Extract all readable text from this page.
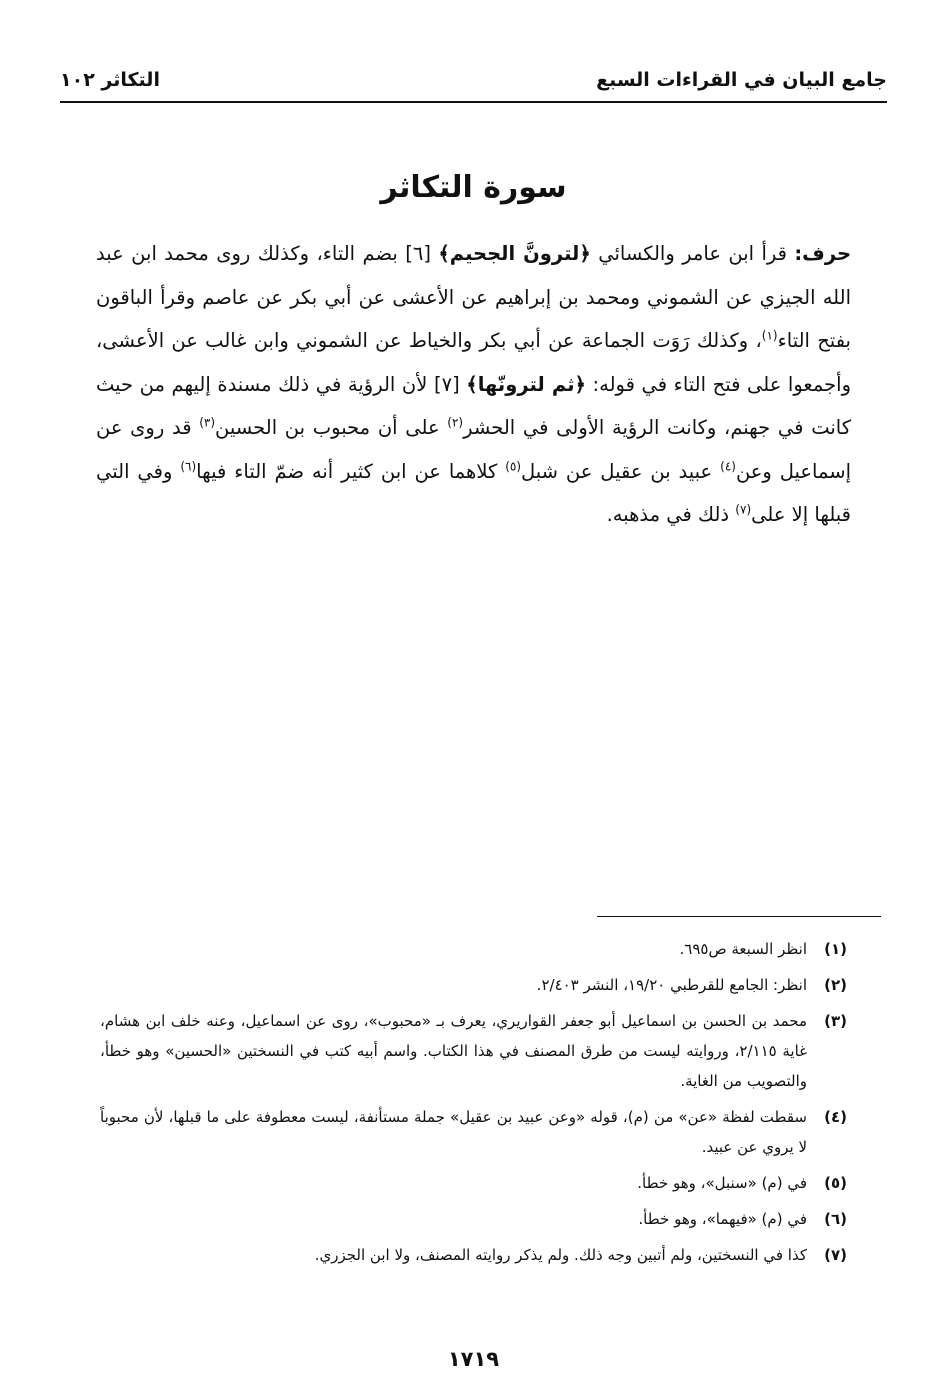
جامع البيان في القراءات السبع
التكاثر ١٠٢
سورة التكاثر
حرف: قرأ ابن عامر والكسائي ﴿لترونَّ الجحيم﴾ [٦] بضم التاء، وكذلك روى محمد ابن عبد الله الجيزي عن الشموني ومحمد بن إبراهيم عن الأعشى عن أبي بكر عن عاصم وقرأ الباقون بفتح التاء$^{(١)}$، وكذلك رَوَت الجماعة عن أبي بكر والخياط عن الشموني وابن غالب عن الأعشى، وأجمعوا على فتح التاء في قوله: ﴿ثم لترونّها﴾ [٧] لأن الرؤية في ذلك مسندة إليهم من حيث كانت في جهنم، وكانت الرؤية الأولى في الحشر$^{(٢)}$ على أن محبوب بن الحسين$^{(٣)}$ قد روى عن إسماعيل وعن$^{(٤)}$ عبيد بن عقيل عن شبل$^{(٥)}$ كلاهما عن ابن كثير أنه ضمّ التاء فيها$^{(٦)}$ وفي التي قبلها إلا على$^{(٧)}$ ذلك في مذهبه.
(١)
انظر السبعة ص٦٩٥.
(٢)
انظر: الجامع للقرطبي ١٩/٢٠، النشر ٢/٤٠٣.
(٣)
محمد بن الحسن بن اسماعيل أبو جعفر القواريري، يعرف بـ «محبوب»، روى عن اسماعيل، وعنه خلف ابن هشام، غاية ٢/١١٥، وروايته ليست من طرق المصنف في هذا الكتاب. واسم أبيه كتب في النسختين «الحسين» وهو خطأ، والتصويب من الغاية.
(٤)
سقطت لفظة «عن» من (م)، قوله «وعن عبيد بن عقيل» جملة مستأنفة، ليست معطوفة على ما قبلها، لأن محبوباً لا يروي عن عبيد.
(٥)
في (م) «سنبل»، وهو خطأ.
(٦)
في (م) «فيهما»، وهو خطأ.
(٧)
كذا في النسختين، ولم أتبين وجه ذلك. ولم يذكر روايته المصنف، ولا ابن الجزري.
١٧١٩
